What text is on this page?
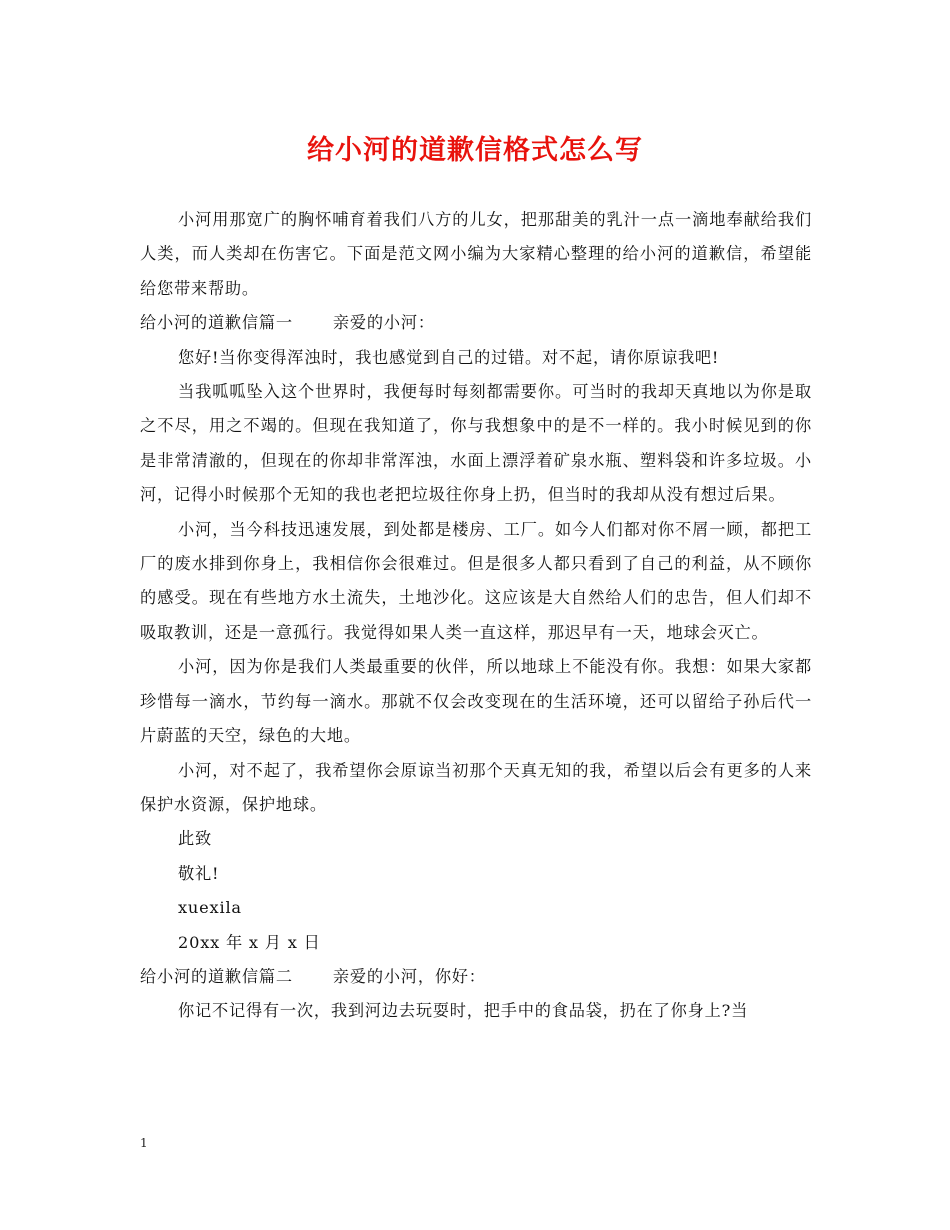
给小河的道歉信格式怎么写

小河用那宽广的胸怀哺育着我们八方的儿女，把那甜美的乳汁一点一滴地奉献给我们人类，而人类却在伤害它。下面是范文网小编为大家精心整理的给小河的道歉信，希望能给您带来帮助。

给小河的道歉信篇一 亲爱的小河：

您好!当你变得浑浊时，我也感觉到自己的过错。对不起，请你原谅我吧!

当我呱呱坠入这个世界时，我便每时每刻都需要你。可当时的我却天真地以为你是取之不尽，用之不竭的。但现在我知道了，你与我想象中的是不一样的。我小时候见到的你是非常清澈的，但现在的你却非常浑浊，水面上漂浮着矿泉水瓶、塑料袋和许多垃圾。小河，记得小时候那个无知的我也老把垃圾往你身上扔，但当时的我却从没有想过后果。

小河，当今科技迅速发展，到处都是楼房、工厂。如今人们都对你不屑一顾，都把工厂的废水排到你身上，我相信你会很难过。但是很多人都只看到了自己的利益，从不顾你的感受。现在有些地方水土流失，土地沙化。这应该是大自然给人们的忠告，但人们却不吸取教训，还是一意孤行。我觉得如果人类一直这样，那迟早有一天，地球会灭亡。

小河，因为你是我们人类最重要的伙伴，所以地球上不能没有你。我想：如果大家都珍惜每一滴水，节约每一滴水。那就不仅会改变现在的生活环境，还可以留给子孙后代一片蔚蓝的天空，绿色的大地。

小河，对不起了，我希望你会原谅当初那个天真无知的我，希望以后会有更多的人来保护水资源，保护地球。

此致

敬礼!

xuexila

20xx 年 x 月 x 日

给小河的道歉信篇二 亲爱的小河，你好：

你记不记得有一次，我到河边去玩耍时，把手中的食品袋，扔在了你身上?当

1
